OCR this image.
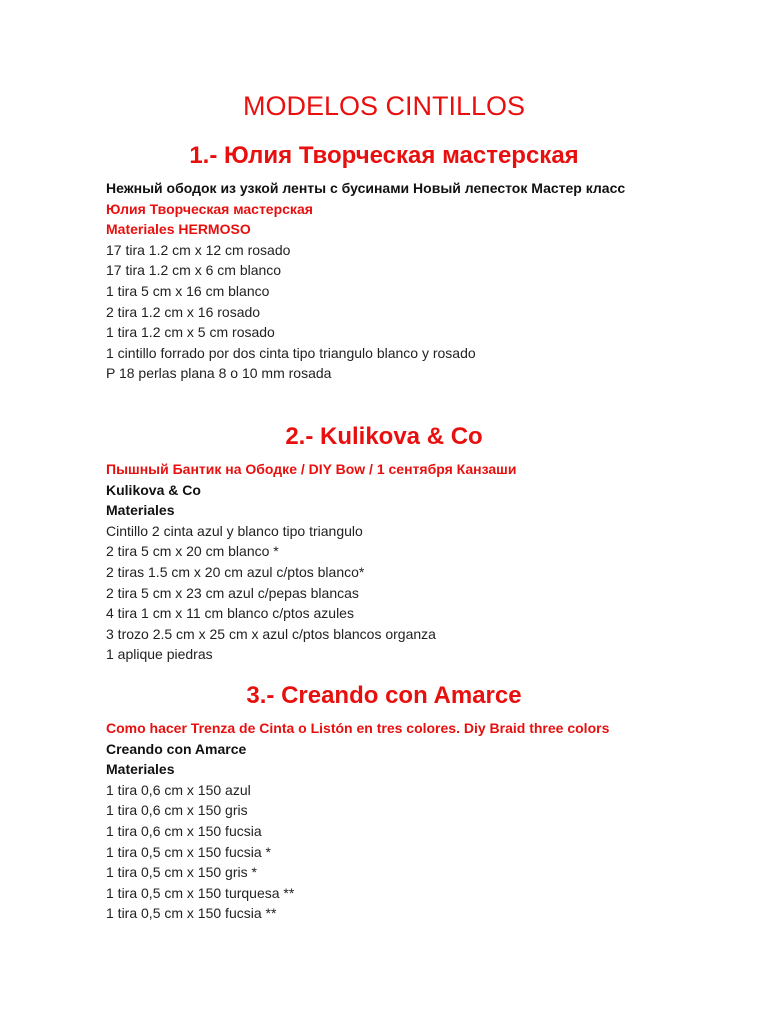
MODELOS CINTILLOS
1.- Юлия Творческая мастерская
Нежный ободок из узкой ленты с бусинами Новый лепесток Мастер класс
Юлия Творческая мастерская
Materiales HERMOSO
17 tira 1.2 cm x 12 cm rosado
17 tira 1.2 cm x 6 cm blanco
1 tira 5 cm x 16 cm blanco
2 tira 1.2 cm x 16 rosado
1 tira 1.2 cm x 5 cm rosado
1 cintillo forrado por dos cinta tipo triangulo blanco y rosado
P 18 perlas plana 8 o 10 mm rosada
2.- Kulikova & Co
Пышный Бантик на Ободке / DIY Bow / 1 сентября Канзаши
Kulikova & Co
Materiales
Cintillo 2 cinta azul y blanco tipo triangulo
2 tira 5 cm x 20 cm blanco *
2 tiras 1.5 cm x 20 cm azul c/ptos blanco*
2 tira 5 cm x 23 cm azul c/pepas blancas
4 tira 1 cm x 11 cm blanco c/ptos azules
3 trozo 2.5 cm x 25 cm x azul c/ptos blancos organza
1 aplique piedras
3.- Creando con Amarce
Como hacer Trenza de Cinta o Listón en tres colores. Diy Braid three colors
Creando con Amarce
Materiales
1 tira 0,6 cm x 150 azul
1 tira 0,6 cm x 150 gris
1 tira 0,6 cm x 150 fucsia
1 tira 0,5 cm x 150 fucsia *
1 tira 0,5 cm x 150 gris *
1 tira 0,5 cm x 150 turquesa **
1 tira 0,5 cm x 150 fucsia **
